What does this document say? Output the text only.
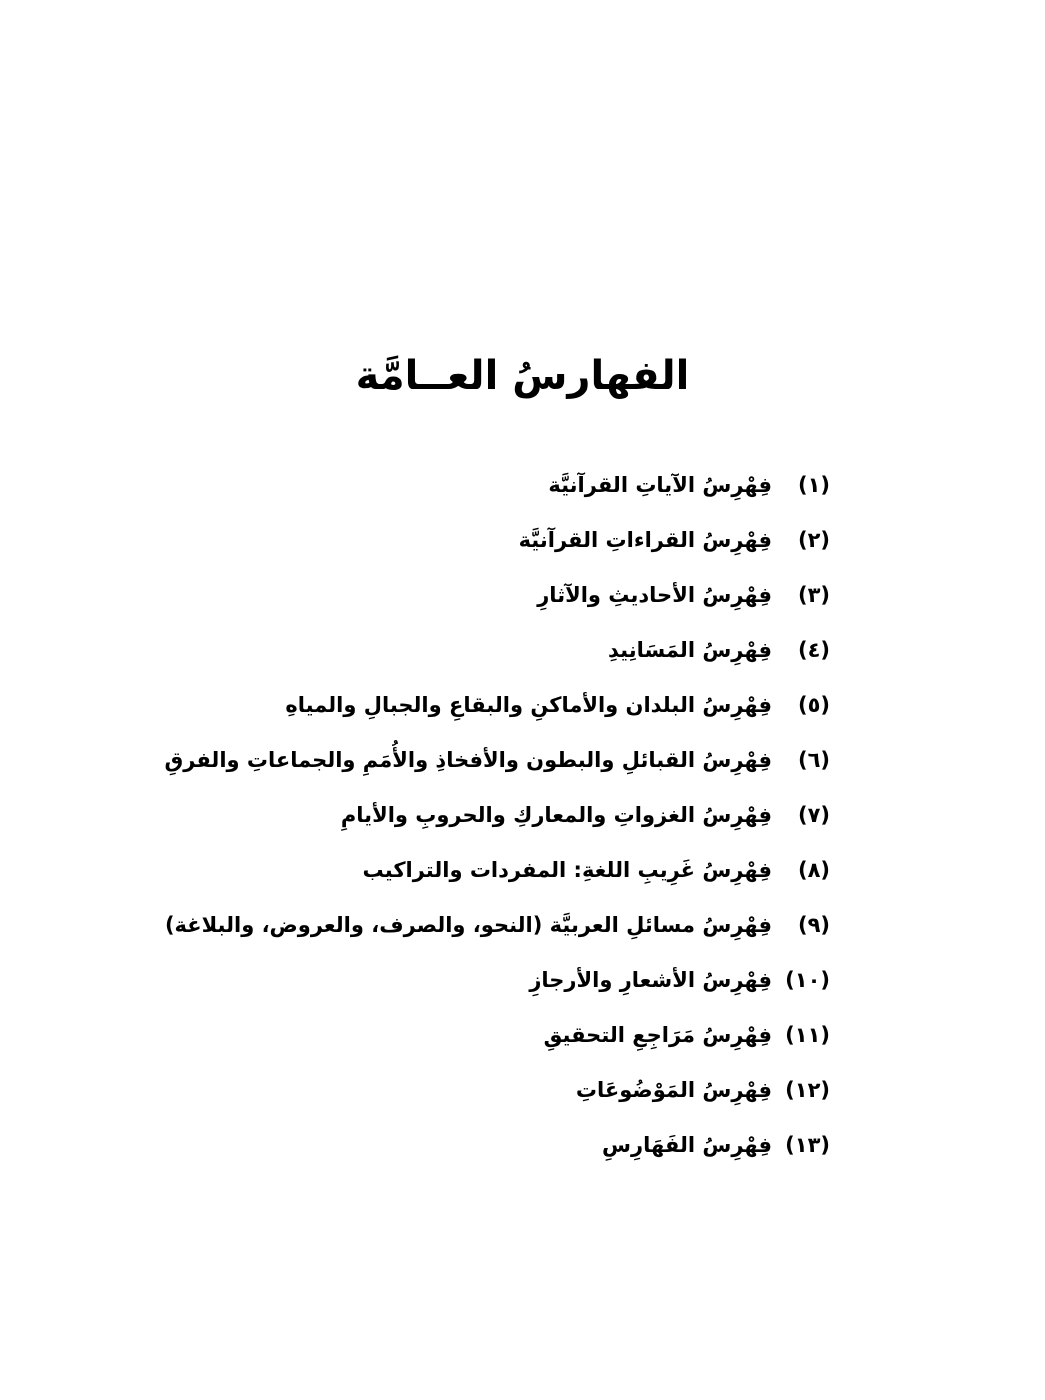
الفهارسُ العــامَّة
(١)
فِهْرِسُ الآياتِ القرآنيَّة
(٢)
فِهْرِسُ القراءاتِ القرآنيَّة
(٣)
فِهْرِسُ الأحاديثِ والآثارِ
(٤)
فِهْرِسُ المَسَانِيدِ
(٥)
فِهْرِسُ البلدان والأماكنِ والبقاعِ والجبالِ والمياهِ
(٦)
فِهْرِسُ القبائلِ والبطون والأفخاذِ والأُمَمِ والجماعاتِ والفرقِ
(٧)
فِهْرِسُ الغزواتِ والمعاركِ والحروبِ والأيامِ
(٨)
فِهْرِسُ غَرِيبِ اللغةِ: المفردات والتراكيب
(٩)
فِهْرِسُ مسائلِ العربيَّة (النحو، والصرف، والعروض، والبلاغة)
(١٠)
فِهْرِسُ الأشعارِ والأرجازِ
(١١)
فِهْرِسُ مَرَاجِعِ التحقيقِ
(١٢)
فِهْرِسُ المَوْضُوعَاتِ
(١٣)
فِهْرِسُ الفَهَارِسِ
